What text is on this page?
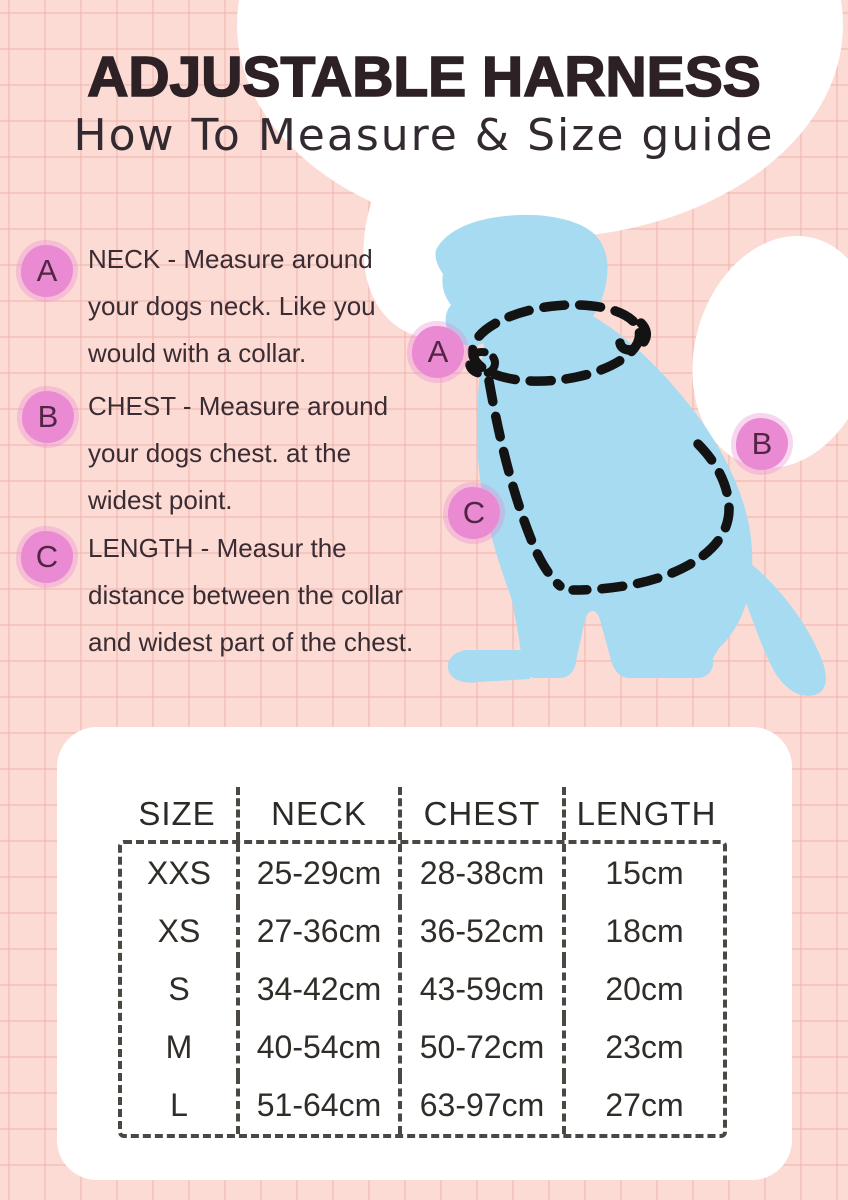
ADJUSTABLE HARNESS
How To Measure & Size guide
A	NECK - Measure around
your dogs neck. Like you
would with a collar.
B	CHEST - Measure around
your dogs chest. at the
widest point.
C	LENGTH - Measur the
distance between the collar
and widest part of the chest.
A
B
C
SIZE	NECK	CHEST	LENGTH
XXS	25-29cm	28-38cm	15cm
XS	27-36cm	36-52cm	18cm
S	34-42cm	43-59cm	20cm
M	40-54cm	50-72cm	23cm
L	51-64cm	63-97cm	27cm
